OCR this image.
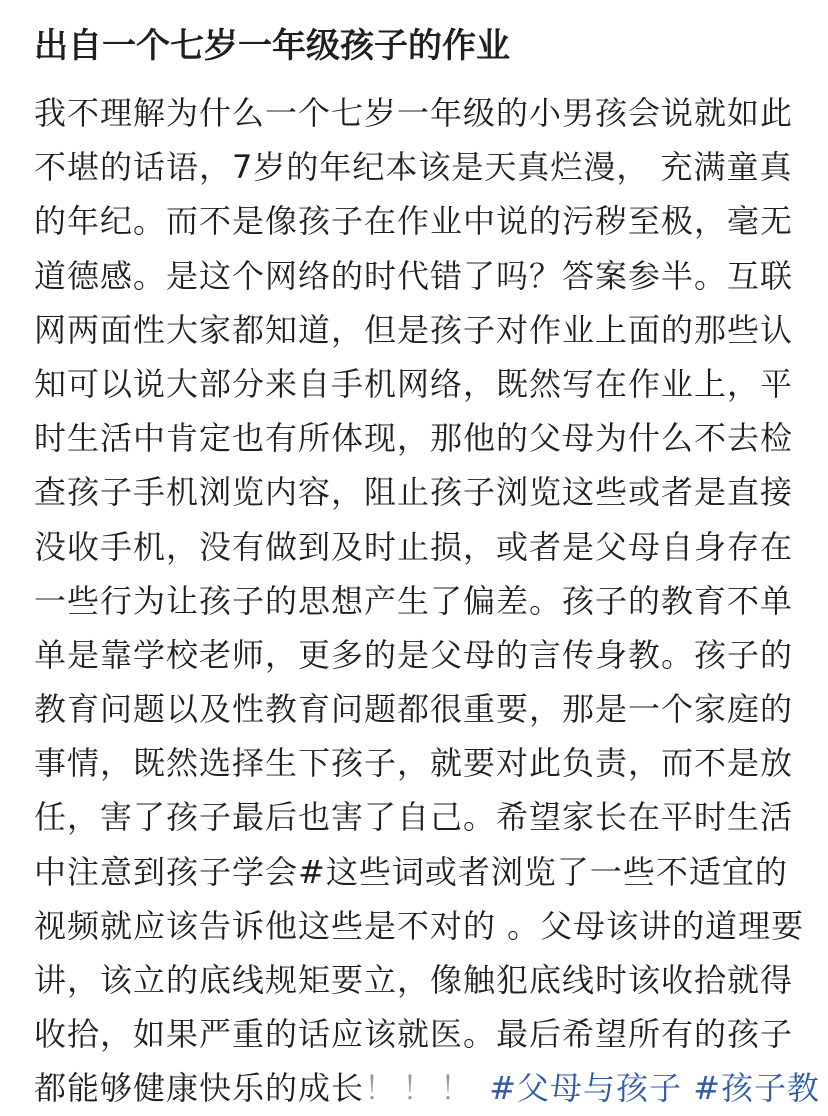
出自一个七岁一年级孩子的作业
我不理解为什么一个七岁一年级的小男孩会说就如此
不堪的话语，7岁的年纪本该是天真烂漫， 充满童真
的年纪。而不是像孩子在作业中说的污秽至极，毫无
道德感。是这个网络的时代错了吗？答案参半。互联
网两面性大家都知道，但是孩子对作业上面的那些认
知可以说大部分来自手机网络，既然写在作业上，平
时生活中肯定也有所体现，那他的父母为什么不去检
查孩子手机浏览内容，阻止孩子浏览这些或者是直接
没收手机，没有做到及时止损，或者是父母自身存在
一些行为让孩子的思想产生了偏差。孩子的教育不单
单是靠学校老师，更多的是父母的言传身教。孩子的
教育问题以及性教育问题都很重要，那是一个家庭的
事情，既然选择生下孩子，就要对此负责，而不是放
任，害了孩子最后也害了自己。希望家长在平时生活
中注意到孩子学会#这些词或者浏览了一些不适宜的
视频就应该告诉他这些是不对的 。父母该讲的道理要
讲，该立的底线规矩要立，像触犯底线时该收拾就得
收拾，如果严重的话应该就医。最后希望所有的孩子
都能够健康快乐的成长！！！ #父母与孩子 #孩子教
